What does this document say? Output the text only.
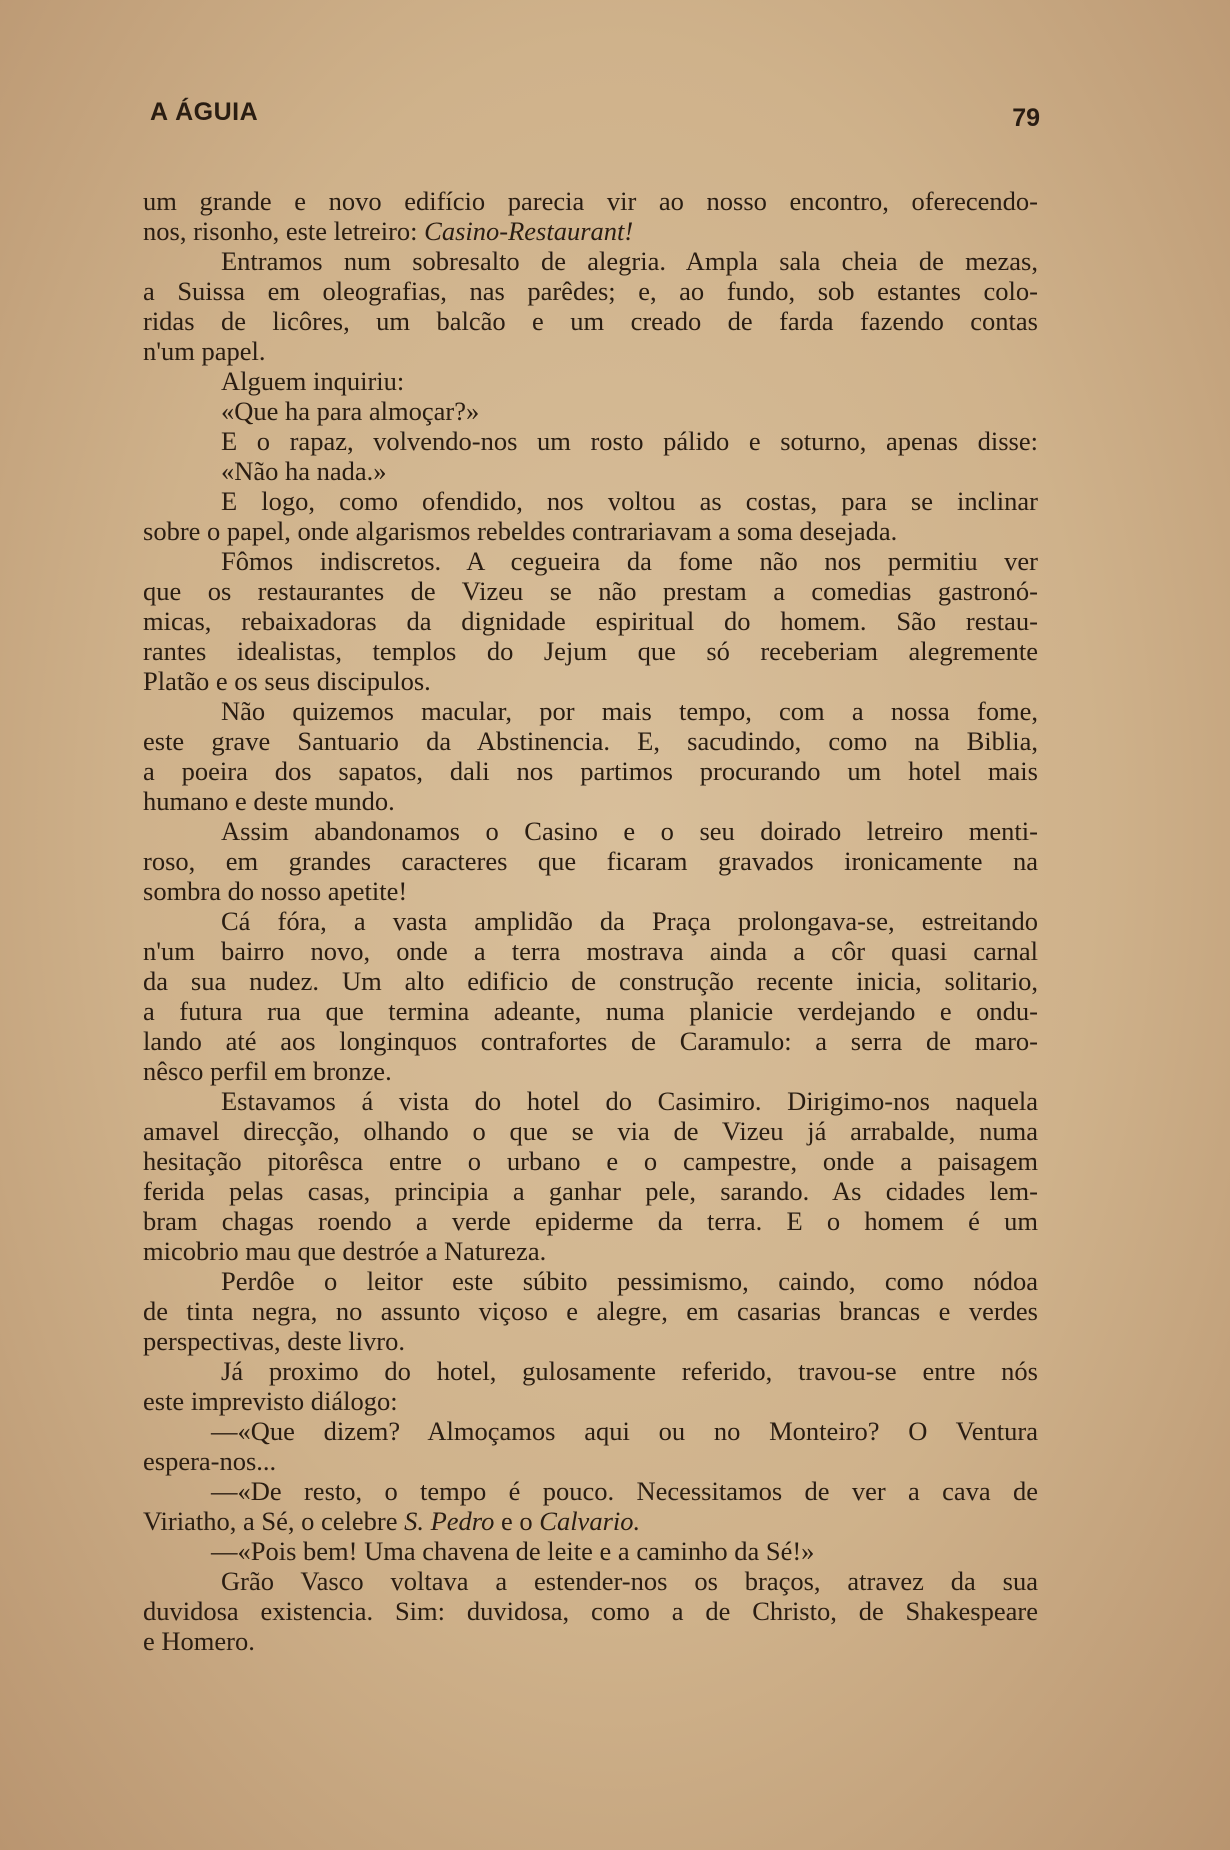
A ÁGUIA	79
um grande e novo edifício parecia vir ao nosso encontro, oferecendo-
nos, risonho, este letreiro: Casino-Restaurant!
Entramos num sobresalto de alegria. Ampla sala cheia de mezas,
a Suissa em oleografias, nas parêdes; e, ao fundo, sob estantes colo-
ridas de licôres, um balcão e um creado de farda fazendo contas
n'um papel.
Alguem inquiriu:
«Que ha para almoçar?»
E o rapaz, volvendo-nos um rosto pálido e soturno, apenas disse:
«Não ha nada.»
E logo, como ofendido, nos voltou as costas, para se inclinar
sobre o papel, onde algarismos rebeldes contrariavam a soma desejada.
Fômos indiscretos. A cegueira da fome não nos permitiu ver
que os restaurantes de Vizeu se não prestam a comedias gastronó-
micas, rebaixadoras da dignidade espiritual do homem. São restau-
rantes idealistas, templos do Jejum que só receberiam alegremente
Platão e os seus discipulos.
Não quizemos macular, por mais tempo, com a nossa fome,
este grave Santuario da Abstinencia. E, sacudindo, como na Biblia,
a poeira dos sapatos, dali nos partimos procurando um hotel mais
humano e deste mundo.
Assim abandonamos o Casino e o seu doirado letreiro menti-
roso, em grandes caracteres que ficaram gravados ironicamente na
sombra do nosso apetite!
Cá fóra, a vasta amplidão da Praça prolongava-se, estreitando
n'um bairro novo, onde a terra mostrava ainda a côr quasi carnal
da sua nudez. Um alto edificio de construção recente inicia, solitario,
a futura rua que termina adeante, numa planicie verdejando e ondu-
lando até aos longinquos contrafortes de Caramulo: a serra de maro-
nêsco perfil em bronze.
Estavamos á vista do hotel do Casimiro. Dirigimo-nos naquela
amavel direcção, olhando o que se via de Vizeu já arrabalde, numa
hesitação pitorêsca entre o urbano e o campestre, onde a paisagem
ferida pelas casas, principia a ganhar pele, sarando. As cidades lem-
bram chagas roendo a verde epiderme da terra. E o homem é um
micobrio mau que destróe a Natureza.
Perdôe o leitor este súbito pessimismo, caindo, como nódoa
de tinta negra, no assunto viçoso e alegre, em casarias brancas e verdes
perspectivas, deste livro.
Já proximo do hotel, gulosamente referido, travou-se entre nós
este imprevisto diálogo:
—«Que dizem? Almoçamos aqui ou no Monteiro? O Ventura
espera-nos...
—«De resto, o tempo é pouco. Necessitamos de ver a cava de
Viriatho, a Sé, o celebre S. Pedro e o Calvario.
—«Pois bem! Uma chavena de leite e a caminho da Sé!»
Grão Vasco voltava a estender-nos os braços, atravez da sua
duvidosa existencia. Sim: duvidosa, como a de Christo, de Shakespeare
e Homero.
